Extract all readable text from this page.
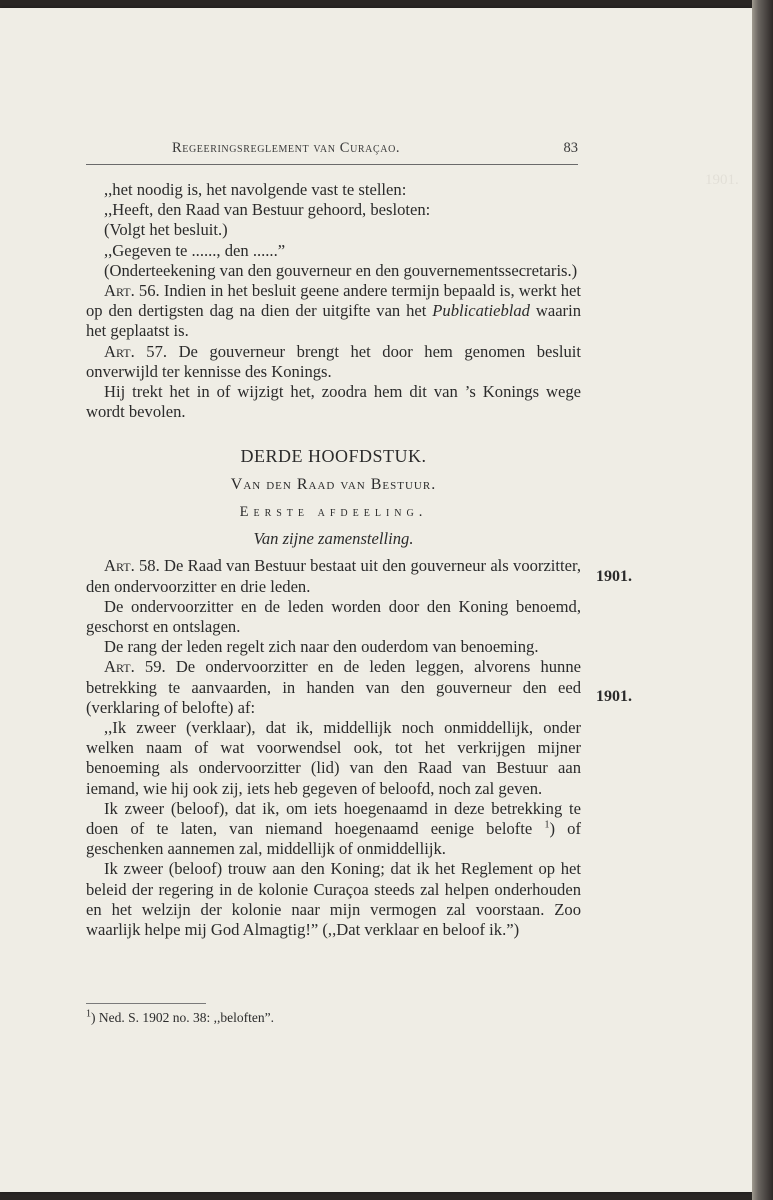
1901.
Regeeringsreglement van Curaçao.	83

,,het noodig is, het navolgende vast te stellen:

,,Heeft, den Raad van Bestuur gehoord, besloten:

(Volgt het besluit.)

,,Gegeven te ......, den ......”

(Onderteekening van den gouverneur en den gouvernementssecretaris.)

Art. 56. Indien in het besluit geene andere termijn bepaald is, werkt het op den dertigsten dag na dien der uitgifte van het Publicatieblad waarin het geplaatst is.

Art. 57. De gouverneur brengt het door hem genomen besluit onverwijld ter kennisse des Konings.

Hij trekt het in of wijzigt het, zoodra hem dit van ’s Konings wege wordt bevolen.

DERDE HOOFDSTUK.

Van den Raad van Bestuur.

Eerste afdeeling.

Van zijne zamenstelling.

Art. 58. De Raad van Bestuur bestaat uit den gouverneur als voorzitter, den ondervoorzitter en drie leden.

De ondervoorzitter en de leden worden door den Koning benoemd, geschorst en ontslagen.

De rang der leden regelt zich naar den ouderdom van benoeming.

Art. 59. De ondervoorzitter en de leden leggen, alvorens hunne betrekking te aanvaarden, in handen van den gouverneur den eed (verklaring of belofte) af:

,,Ik zweer (verklaar), dat ik, middellijk noch onmiddellijk, onder welken naam of wat voorwendsel ook, tot het verkrijgen mijner benoeming als ondervoorzitter (lid) van den Raad van Bestuur aan iemand, wie hij ook zij, iets heb gegeven of beloofd, noch zal geven.

Ik zweer (beloof), dat ik, om iets hoegenaamd in deze betrekking te doen of te laten, van niemand hoegenaamd eenige belofte $^1$) of geschenken aannemen zal, middellijk of onmiddellijk.

Ik zweer (beloof) trouw aan den Koning; dat ik het Reglement op het beleid der regering in de kolonie Curaçoa steeds zal helpen onderhouden en het welzijn der kolonie naar mijn vermogen zal voorstaan. Zoo waarlijk helpe mij God Almagtig!” (,,Dat verklaar en beloof ik.”)

1901.
1901.
$^1$) Ned. S. 1902 no. 38: ,,beloften”.
